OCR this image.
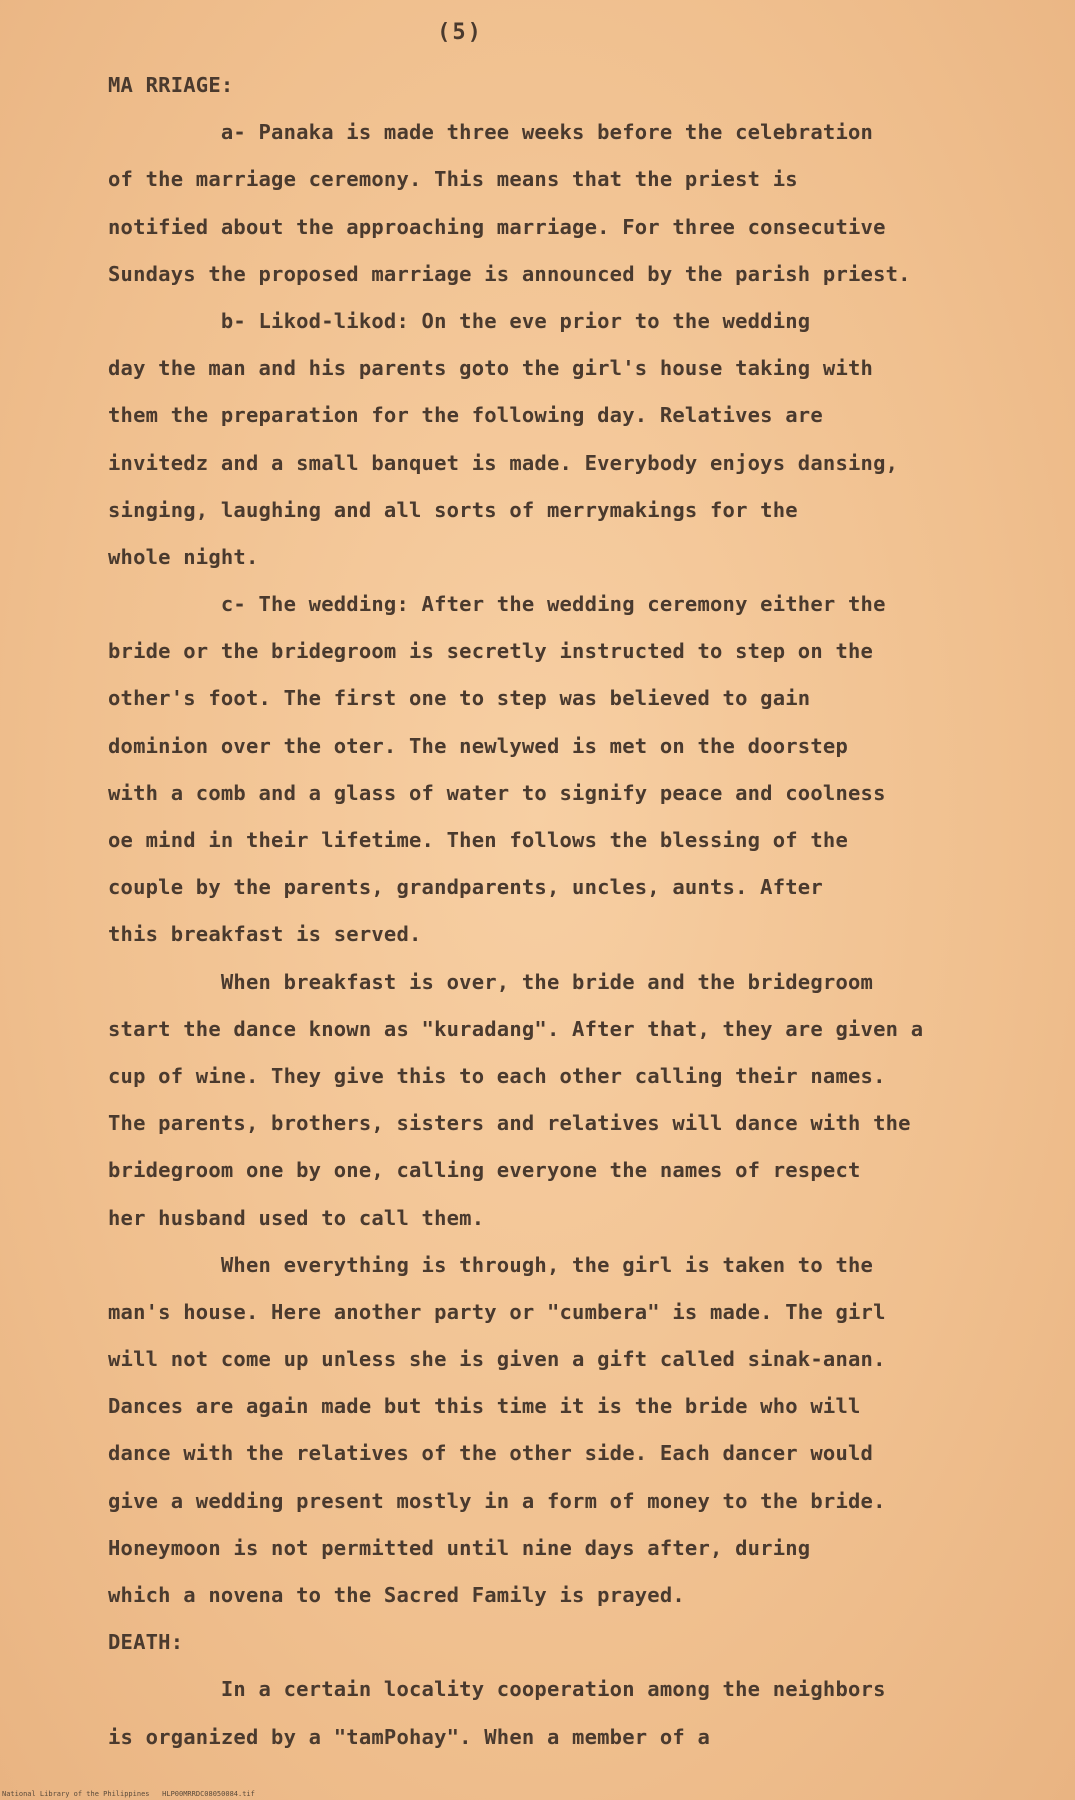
(5)
MA RRIAGE:
a- Panaka is made three weeks before the celebration
of the marriage ceremony. This means that the priest is
notified about the approaching marriage. For three consecutive
Sundays the proposed marriage is announced by the parish priest.
b- Likod-likod: On the eve prior to the wedding
day the man and his parents goto the girl's house taking with
them the preparation for the following day. Relatives are
invitedz and a small banquet is made. Everybody enjoys dansing,
singing, laughing and all sorts of merrymakings for the
whole night.
c- The wedding: After the wedding ceremony either the
bride or the bridegroom is secretly instructed to step on the
other's foot. The first one to step was believed to gain
dominion over the oter. The newlywed is met on the doorstep
with a comb and a glass of water to signify peace and coolness
oe mind in their lifetime. Then follows the blessing of the
couple by the parents, grandparents, uncles, aunts. After
this breakfast is served.
When breakfast is over, the bride and the bridegroom
start the dance known as "kuradang". After that, they are given a
cup of wine. They give this to each other calling their names.
The parents, brothers, sisters and relatives will dance with the
bridegroom one by one, calling everyone the names of respect
her husband used to call them.
When everything is through, the girl is taken to the
man's house. Here another party or "cumbera" is made. The girl
will not come up unless she is given a gift called sinak-anan.
Dances are again made but this time it is the bride who will
dance with the relatives of the other side. Each dancer would
give a wedding present mostly in a form of money to the bride.
Honeymoon is not permitted until nine days after, during
which a novena to the Sacred Family is prayed.
DEATH:
In a certain locality cooperation among the neighbors
is organized by a "tamPohay". When a member of a
National Library of the Philippines   HLP00MRRDC08050084.tif
